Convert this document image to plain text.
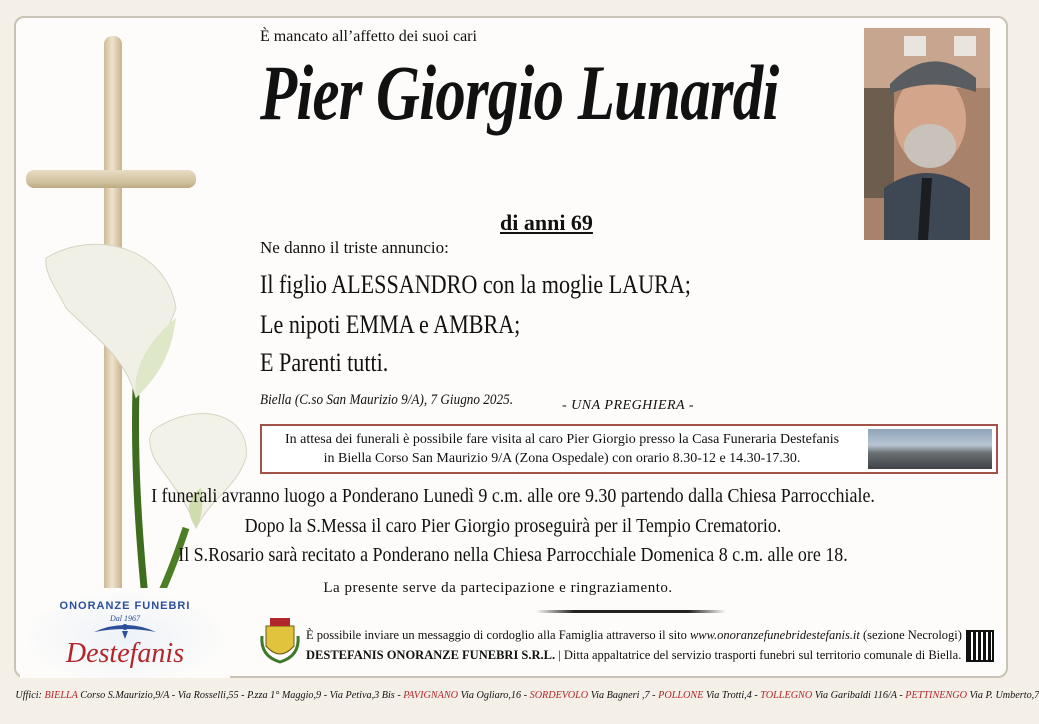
ONORANZE FUNEBRI
Dal 1967
Destefanis
È mancato all’affetto dei suoi cari
Pier Giorgio Lunardi
di anni 69
Ne danno il triste annuncio:
Il figlio ALESSANDRO con la moglie LAURA;
Le nipoti EMMA e AMBRA;
E Parenti tutti.
Biella (C.so San Maurizio 9/A), 7 Giugno 2025.	- UNA PREGHIERA -
In attesa dei funerali è possibile fare visita al caro Pier Giorgio presso la Casa Funeraria Destefanis
in Biella Corso San Maurizio 9/A (Zona Ospedale) con orario 8.30-12 e 14.30-17.30.
I funerali avranno luogo a Ponderano Lunedì 9 c.m. alle ore 9.30 partendo dalla Chiesa Parrocchiale.
Dopo la S.Messa il caro Pier Giorgio proseguirà per il Tempio Crematorio.
Il S.Rosario sarà recitato a Ponderano nella Chiesa Parrocchiale Domenica 8 c.m. alle ore 18.
La presente serve da partecipazione e ringraziamento.
È possibile inviare un messaggio di cordoglio alla Famiglia attraverso il sito www.onoranzefunebridestefanis.it (sezione Necrologi)
DESTEFANIS ONORANZE FUNEBRI S.R.L. | Ditta appaltatrice del servizio trasporti funebri sul territorio comunale di Biella.
Uffici: BIELLA Corso S.Maurizio,9/A - Via Rosselli,55 - P.zza 1° Maggio,9 - Via Petiva,3 Bis - PAVIGNANO Via Ogliaro,16 - SORDEVOLO Via Bagneri ,7 - POLLONE Via Trotti,4 - TOLLEGNO Via Garibaldi 116/A - PETTINENGO Via P. Umberto,7
